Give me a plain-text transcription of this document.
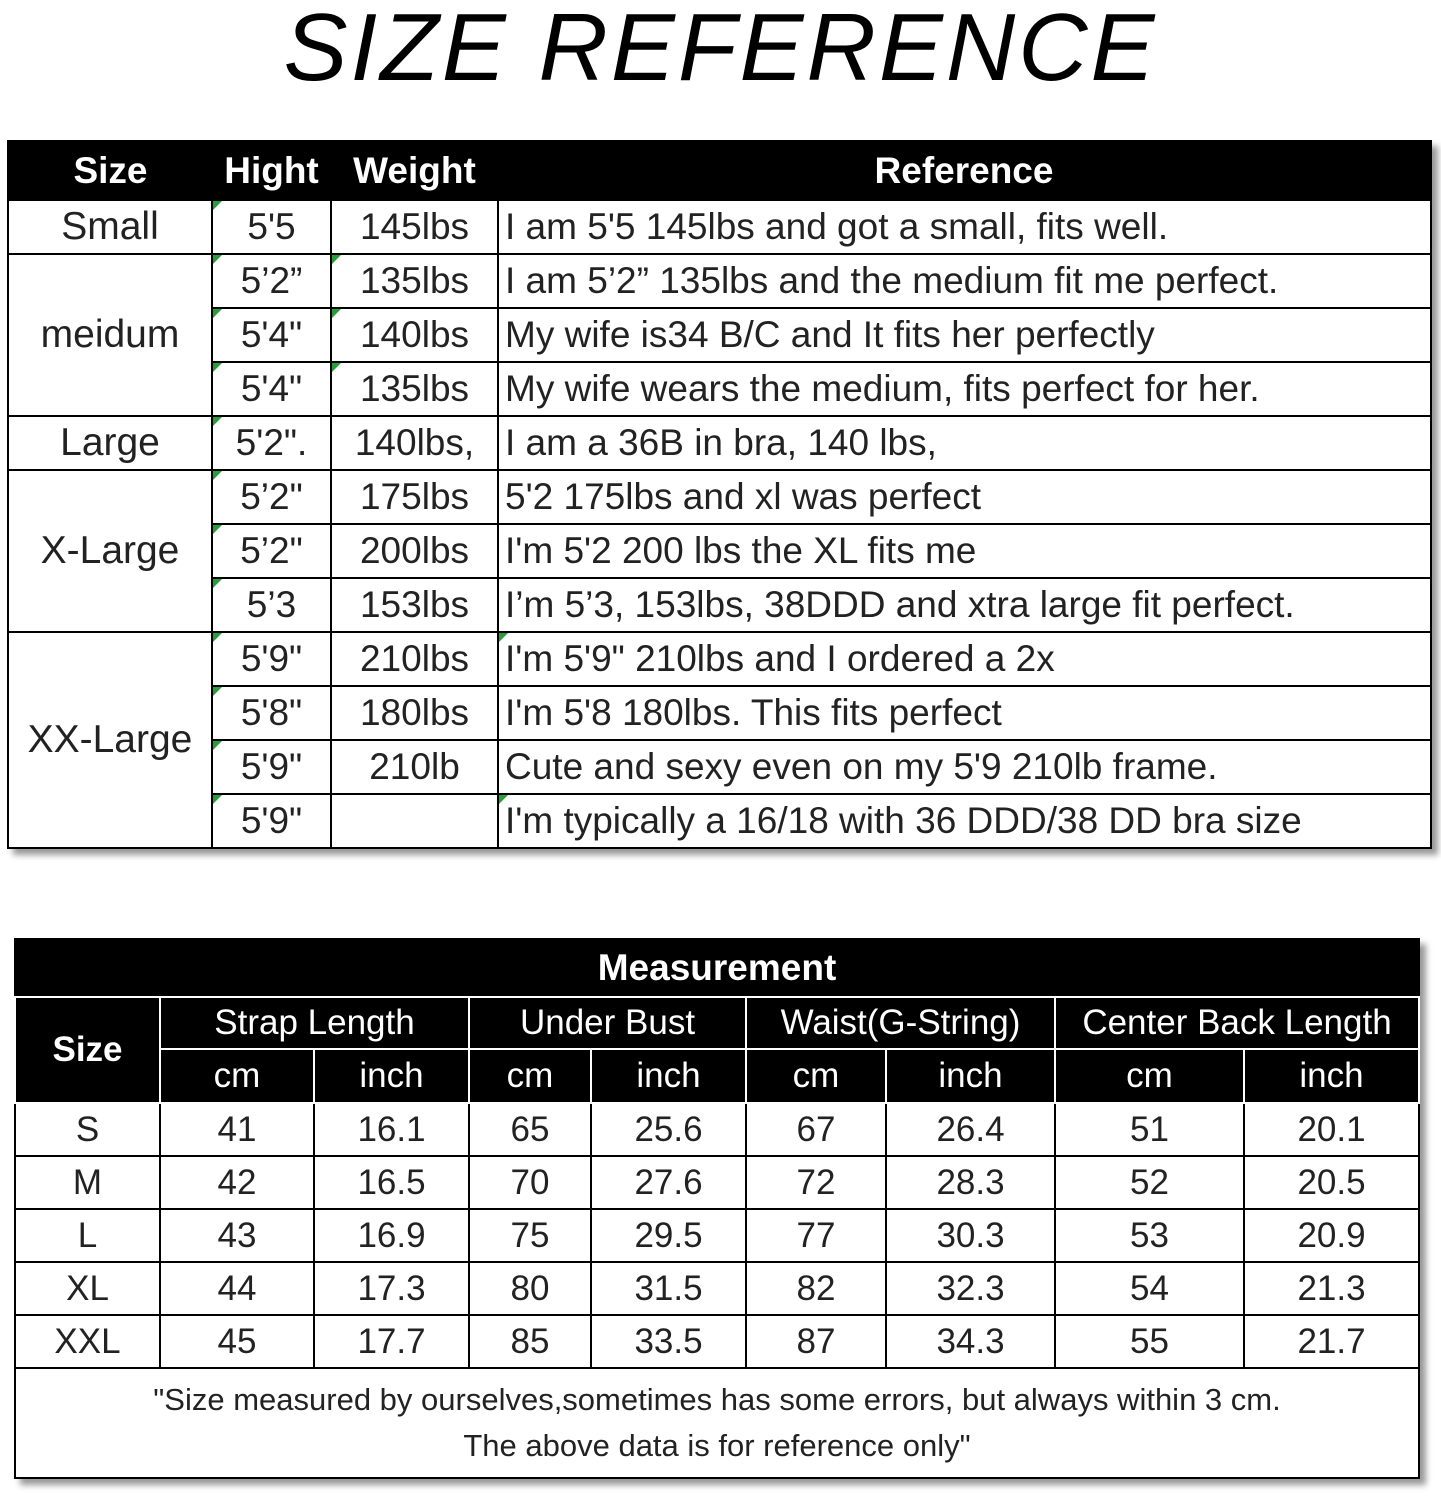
SIZE REFERENCE
Size	Hight	Weight	Reference
Small	5'5	145lbs	I am 5'5 145lbs and got a small, fits well.
meidum	5’2”	135lbs	I am 5’2” 135lbs and the medium fit me perfect.
	5'4"	140lbs	My wife is34 B/C and It fits her perfectly
	5'4"	135lbs	My wife wears the medium, fits perfect for her.
Large	5'2".	140lbs,	I am a 36B in bra, 140 lbs,
X-Large	5’2"	175lbs	5'2 175lbs and xl was perfect
	5’2"	200lbs	I'm 5'2 200 lbs the XL fits me
	5’3	153lbs	I’m 5’3, 153lbs, 38DDD and xtra large fit perfect.
XX-Large	5'9"	210lbs	I'm 5'9" 210lbs and I ordered a 2x
	5'8"	180lbs	I'm 5'8 180lbs. This fits perfect
	5'9"	210lb	Cute and sexy even on my 5'9 210lb frame.
	5'9"		I'm typically a 16/18 with 36 DDD/38 DD bra size
Measurement								
Size	Strap Length		Under Bust		Waist(G-String)		Center Back Length	
	cm	inch	cm	inch	cm	inch	cm	inch
S	41	16.1	65	25.6	67	26.4	51	20.1
M	42	16.5	70	27.6	72	28.3	52	20.5
L	43	16.9	75	29.5	77	30.3	53	20.9
XL	44	17.3	80	31.5	82	32.3	54	21.3
XXL	45	17.7	85	33.5	87	34.3	55	21.7
"Size measured by ourselves,sometimes has some errors, but always within 3 cm.
The above data is for reference only"								
